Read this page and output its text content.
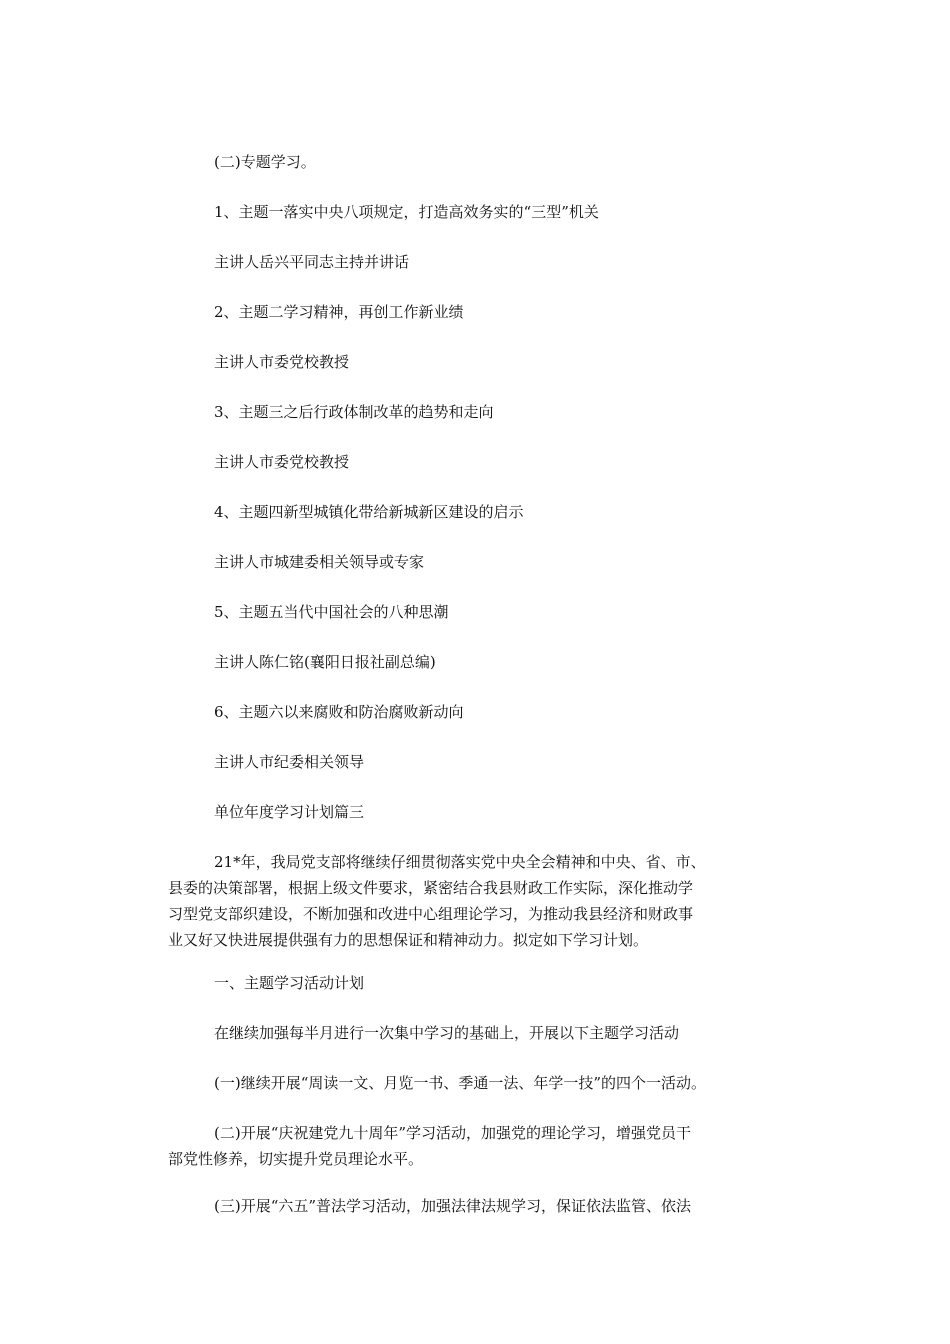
(二)专题学习。
1、主题一落实中央八项规定，打造高效务实的“三型”机关
主讲人岳兴平同志主持并讲话
2、主题二学习精神，再创工作新业绩
主讲人市委党校教授
3、主题三之后行政体制改革的趋势和走向
主讲人市委党校教授
4、主题四新型城镇化带给新城新区建设的启示
主讲人市城建委相关领导或专家
5、主题五当代中国社会的八种思潮
主讲人陈仁铭(襄阳日报社副总编)
6、主题六以来腐败和防治腐败新动向
主讲人市纪委相关领导
单位年度学习计划篇三
21*年，我局党支部将继续仔细贯彻落实党中央全会精神和中央、省、市、
县委的决策部署，根据上级文件要求，紧密结合我县财政工作实际，深化推动学
习型党支部织建设，不断加强和改进中心组理论学习，为推动我县经济和财政事
业又好又快进展提供强有力的思想保证和精神动力。拟定如下学习计划。
一、主题学习活动计划
在继续加强每半月进行一次集中学习的基础上，开展以下主题学习活动
(一)继续开展“周读一文、月览一书、季通一法、年学一技”的四个一活动。
(二)开展“庆祝建党九十周年”学习活动，加强党的理论学习，增强党员干
部党性修养，切实提升党员理论水平。
(三)开展“六五”普法学习活动，加强法律法规学习，保证依法监管、依法
